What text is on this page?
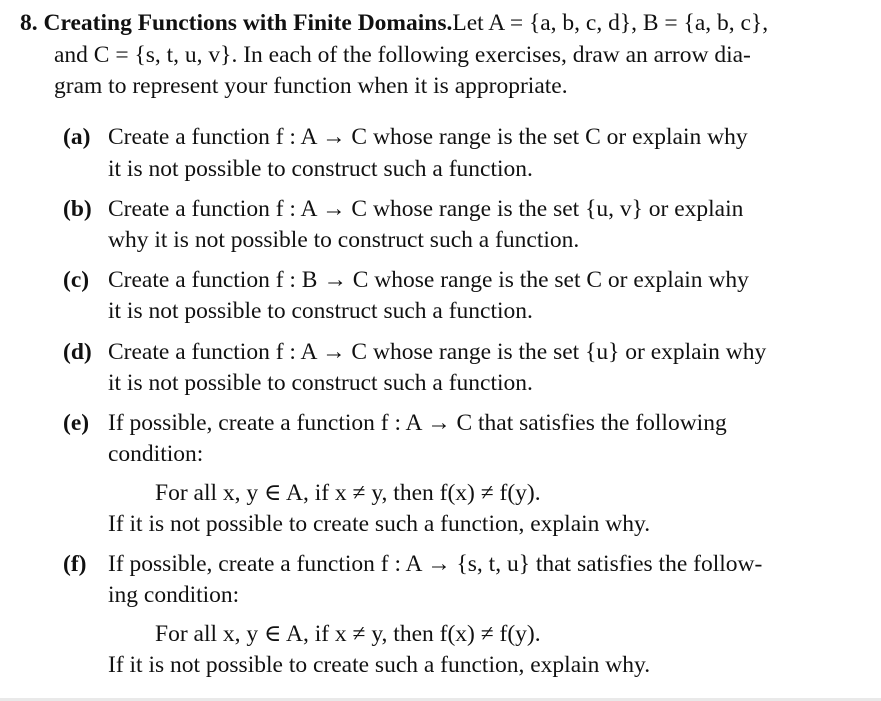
8. Creating Functions with Finite Domains.Let A = {a, b, c, d}, B = {a, b, c},
and C = {s, t, u, v}. In each of the following exercises, draw an arrow dia-
gram to represent your function when it is appropriate.
(a) Create a function f : A → C whose range is the set C or explain why
it is not possible to construct such a function.
(b) Create a function f : A → C whose range is the set {u, v} or explain
why it is not possible to construct such a function.
(c) Create a function f : B → C whose range is the set C or explain why
it is not possible to construct such a function.
(d) Create a function f : A → C whose range is the set {u} or explain why
it is not possible to construct such a function.
(e) If possible, create a function f : A → C that satisfies the following
condition:
For all x, y ∈ A, if x ≠ y, then f(x) ≠ f(y).
If it is not possible to create such a function, explain why.
(f) If possible, create a function f : A → {s, t, u} that satisfies the follow-
ing condition:
For all x, y ∈ A, if x ≠ y, then f(x) ≠ f(y).
If it is not possible to create such a function, explain why.
